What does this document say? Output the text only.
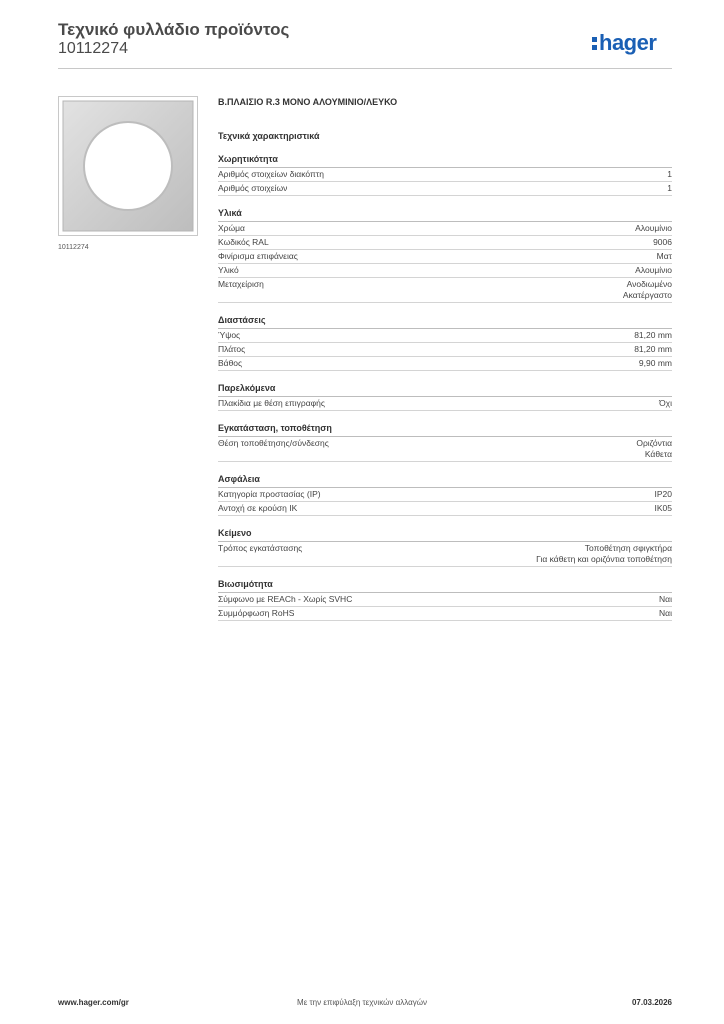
Τεχνικό φυλλάδιο προϊόντος
10112274	hager
10112274
Β.ΠΛΑΙΣΙΟ R.3 ΜΟΝΟ ΑΛΟΥΜΙΝΙΟ/ΛΕΥΚΟ
Τεχνικά χαρακτηριστικά
Χωρητικότητα
Αριθμός στοιχείων διακόπτη	1
Αριθμός στοιχείων	1
Υλικά
Χρώμα	Αλουμίνιο
Κωδικός RAL	9006
Φινίρισμα επιφάνειας	Ματ
Υλικό	Αλουμίνιο
Μεταχείριση	Ανοδιωμένο
Ακατέργαστο
Διαστάσεις
Ύψος	81,20 mm
Πλάτος	81,20 mm
Βάθος	9,90 mm
Παρελκόμενα
Πλακίδια με θέση επιγραφής	Όχι
Εγκατάσταση, τοποθέτηση
Θέση τοποθέτησης/σύνδεσης	Οριζόντια
Κάθετα
Ασφάλεια
Κατηγορία προστασίας (IP)	IP20
Αντοχή σε κρούση IK	IK05
Κείμενο
Τρόπος εγκατάστασης	Τοποθέτηση σφιγκτήρα
Για κάθετη και οριζόντια τοποθέτηση
Βιωσιμότητα
Σύμφωνο με REACh - Χωρίς SVHC	Ναι
Συμμόρφωση RoHS	Ναι
www.hager.com/gr	Με την επιφύλαξη τεχνικών αλλαγών	07.03.2026
